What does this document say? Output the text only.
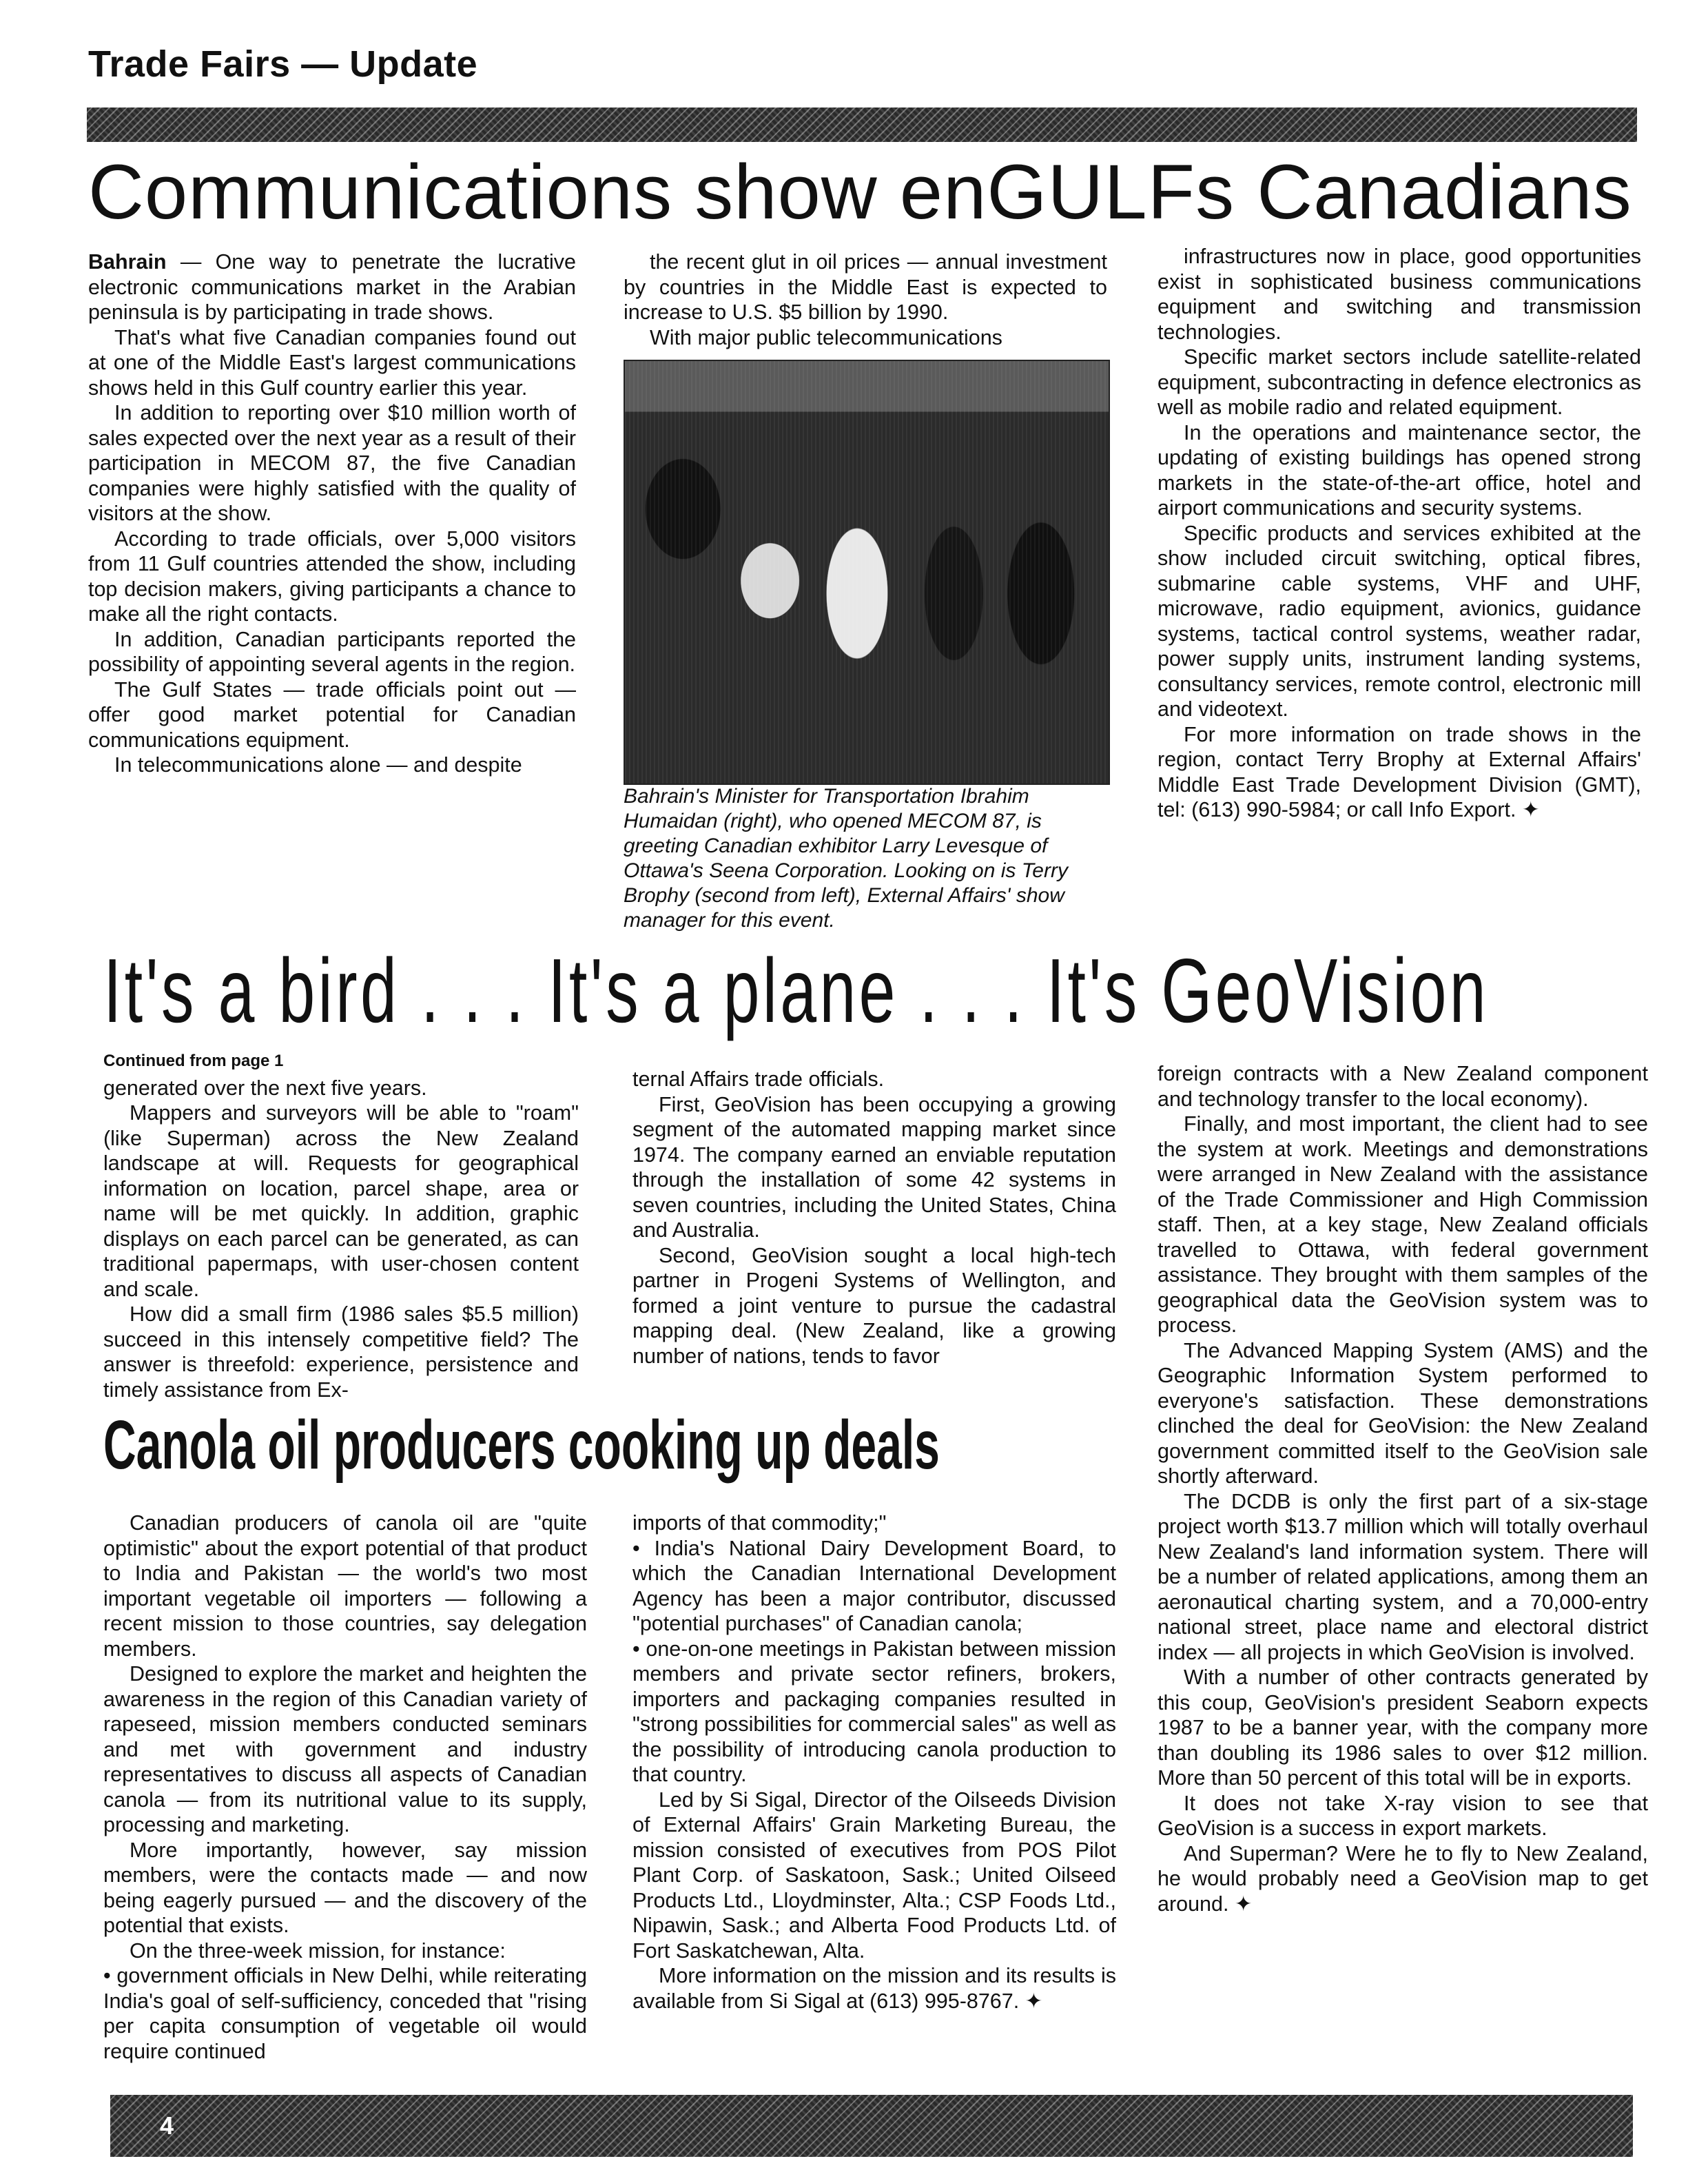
Trade Fairs — Update
Communications show enGULFs Canadians

Bahrain — One way to penetrate the lucrative electronic communications market in the Arabian peninsula is by participating in trade shows.

That's what five Canadian companies found out at one of the Middle East's largest communications shows held in this Gulf country earlier this year.

In addition to reporting over $10 million worth of sales expected over the next year as a result of their participation in MECOM 87, the five Canadian companies were highly satisfied with the quality of visitors at the show.

According to trade officials, over 5,000 visitors from 11 Gulf countries attended the show, including top decision makers, giving participants a chance to make all the right contacts.

In addition, Canadian participants reported the possibility of appointing several agents in the region.

The Gulf States — trade officials point out — offer good market potential for Canadian communications equipment.

In telecommunications alone — and despite

the recent glut in oil prices — annual investment by countries in the Middle East is expected to increase to U.S. $5 billion by 1990.

With major public telecommunications

Bahrain's Minister for Transportation Ibrahim Humaidan (right), who opened MECOM 87, is greeting Canadian exhibitor Larry Levesque of Ottawa's Seena Corporation. Looking on is Terry Brophy (second from left), External Affairs' show manager for this event.

infrastructures now in place, good opportunities exist in sophisticated business communications equipment and switching and transmission technologies.

Specific market sectors include satellite-related equipment, subcontracting in defence electronics as well as mobile radio and related equipment.

In the operations and maintenance sector, the updating of existing buildings has opened strong markets in the state-of-the-art office, hotel and airport communications and security systems.

Specific products and services exhibited at the show included circuit switching, optical fibres, submarine cable systems, VHF and UHF, microwave, radio equipment, avionics, guidance systems, tactical control systems, weather radar, power supply units, instrument landing systems, consultancy services, remote control, electronic mill and videotext.

For more information on trade shows in the region, contact Terry Brophy at External Affairs' Middle East Trade Development Division (GMT), tel: (613) 990-5984; or call Info Export. ✦

It's a bird . . . It's a plane . . . It's GeoVision
Continued from page 1

generated over the next five years.

Mappers and surveyors will be able to "roam" (like Superman) across the New Zealand landscape at will. Requests for geographical information on location, parcel shape, area or name will be met quickly. In addition, graphic displays on each parcel can be generated, as can traditional papermaps, with user-chosen content and scale.

How did a small firm (1986 sales $5.5 million) succeed in this intensely competitive field? The answer is threefold: experience, persistence and timely assistance from Ex-

ternal Affairs trade officials.

First, GeoVision has been occupying a growing segment of the automated mapping market since 1974. The company earned an enviable reputation through the installation of some 42 systems in seven countries, including the United States, China and Australia.

Second, GeoVision sought a local high-tech partner in Progeni Systems of Wellington, and formed a joint venture to pursue the cadastral mapping deal. (New Zealand, like a growing number of nations, tends to favor

foreign contracts with a New Zealand component and technology transfer to the local economy).

Finally, and most important, the client had to see the system at work. Meetings and demonstrations were arranged in New Zealand with the assistance of the Trade Commissioner and High Commission staff. Then, at a key stage, New Zealand officials travelled to Ottawa, with federal government assistance. They brought with them samples of the geographical data the GeoVision system was to process.

The Advanced Mapping System (AMS) and the Geographic Information System performed to everyone's satisfaction. These demonstrations clinched the deal for GeoVision: the New Zealand government committed itself to the GeoVision sale shortly afterward.

The DCDB is only the first part of a six-stage project worth $13.7 million which will totally overhaul New Zealand's land information system. There will be a number of related applications, among them an aeronautical charting system, and a 70,000-entry national street, place name and electoral district index — all projects in which GeoVision is involved.

With a number of other contracts generated by this coup, GeoVision's president Seaborn expects 1987 to be a banner year, with the company more than doubling its 1986 sales to over $12 million. More than 50 percent of this total will be in exports.

It does not take X-ray vision to see that GeoVision is a success in export markets.

And Superman? Were he to fly to New Zealand, he would probably need a GeoVision map to get around. ✦

Canola oil producers cooking up deals

Canadian producers of canola oil are "quite optimistic" about the export potential of that product to India and Pakistan — the world's two most important vegetable oil importers — following a recent mission to those countries, say delegation members.

Designed to explore the market and heighten the awareness in the region of this Canadian variety of rapeseed, mission members conducted seminars and met with government and industry representatives to discuss all aspects of Canadian canola — from its nutritional value to its supply, processing and marketing.

More importantly, however, say mission members, were the contacts made — and now being eagerly pursued — and the discovery of the potential that exists.

On the three-week mission, for instance:

• government officials in New Delhi, while reiterating India's goal of self-sufficiency, conceded that "rising per capita consumption of vegetable oil would require continued

imports of that commodity;"

• India's National Dairy Development Board, to which the Canadian International Development Agency has been a major contributor, discussed "potential purchases" of Canadian canola;

• one-on-one meetings in Pakistan between mission members and private sector refiners, brokers, importers and packaging companies resulted in "strong possibilities for commercial sales" as well as the possibility of introducing canola production to that country.

Led by Si Sigal, Director of the Oilseeds Division of External Affairs' Grain Marketing Bureau, the mission consisted of executives from POS Pilot Plant Corp. of Saskatoon, Sask.; United Oilseed Products Ltd., Lloydminster, Alta.; CSP Foods Ltd., Nipawin, Sask.; and Alberta Food Products Ltd. of Fort Saskatchewan, Alta.

More information on the mission and its results is available from Si Sigal at (613) 995-8767. ✦

4
